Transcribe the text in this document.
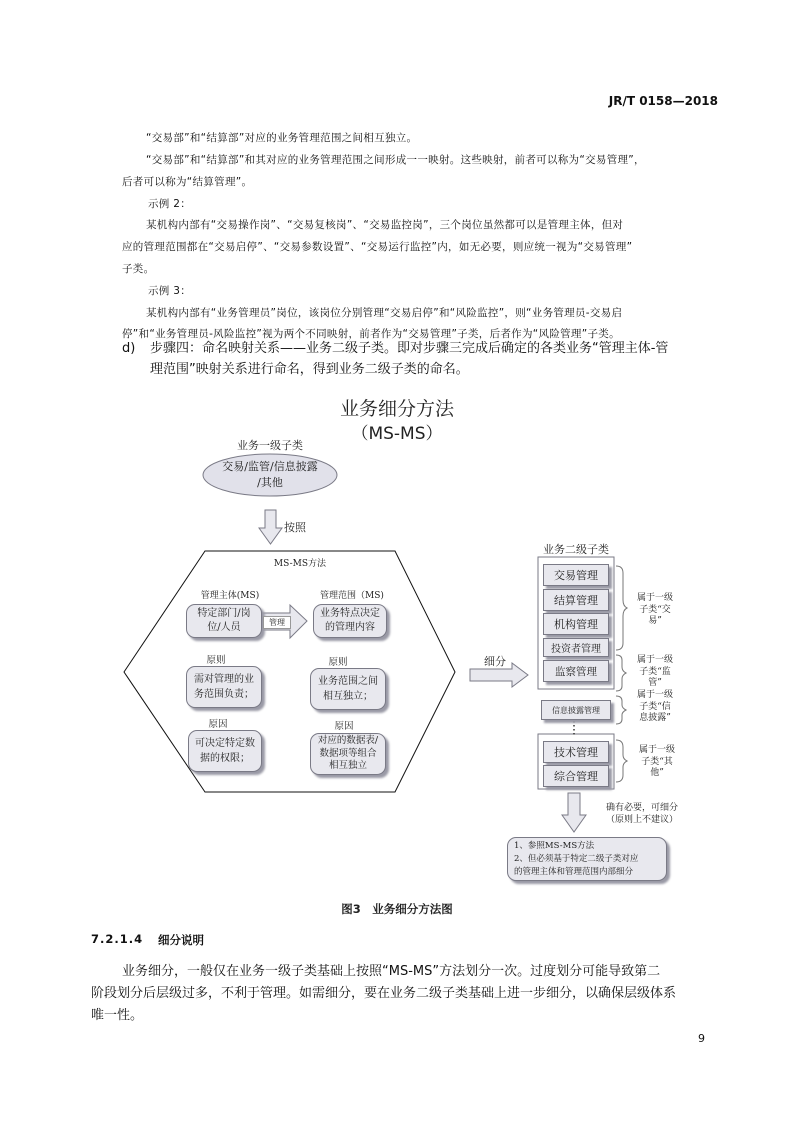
JR/T 0158—2018
“交易部”和“结算部”对应的业务管理范围之间相互独立。
“交易部”和“结算部”和其对应的业务管理范围之间形成一一映射。这些映射，前者可以称为“交易管理”，
后者可以称为“结算管理”。
示例 2：
某机构内部有“交易操作岗”、“交易复核岗”、“交易监控岗”，三个岗位虽然都可以是管理主体，但对
应的管理范围都在“交易启停”、“交易参数设置”、“交易运行监控”内，如无必要，则应统一视为“交易管理”
子类。
示例 3：
某机构内部有“业务管理员”岗位，该岗位分别管理“交易启停”和“风险监控”，则“业务管理员-交易启
停”和“业务管理员-风险监控”视为两个不同映射，前者作为“交易管理”子类，后者作为“风险管理”子类。
d) 步骤四：命名映射关系——业务二级子类。即对步骤三完成后确定的各类业务“管理主体-管
理范围”映射关系进行命名，得到业务二级子类的命名。
业务细分方法
（MS-MS）
业务一级子类
交易/监管/信息披露
/其他
按照
MS-MS方法
管理主体(MS)
特定部门/岗
位/人员	管理
管理范围（MS)
业务特点决定
的管理内容
原则
需对管理的业
务范围负责；
原则
业务范围之间
相互独立；
原因
可决定特定数
据的权限；
原因
对应的数据表/
数据项等组合
相互独立
细分
业务二级子类
交易管理
结算管理
机构管理
投资者管理
监察管理
信息披露管理
技术管理
综合管理
属于一级
子类“交
易”
属于一级
子类“监
管”
属于一级
子类“信
息披露”
属于一级
子类“其
他”
确有必要，可细分
（原则上不建议）
1、参照MS-MS方法
2、但必须基于特定二级子类对应
的管理主体和管理范围内部细分
图3　业务细分方法图
7.2.1.4 细分说明
业务细分，一般仅在业务一级子类基础上按照“MS-MS”方法划分一次。过度划分可能导致第二
阶段划分后层级过多，不利于管理。如需细分，要在业务二级子类基础上进一步细分，以确保层级体系
唯一性。
9
